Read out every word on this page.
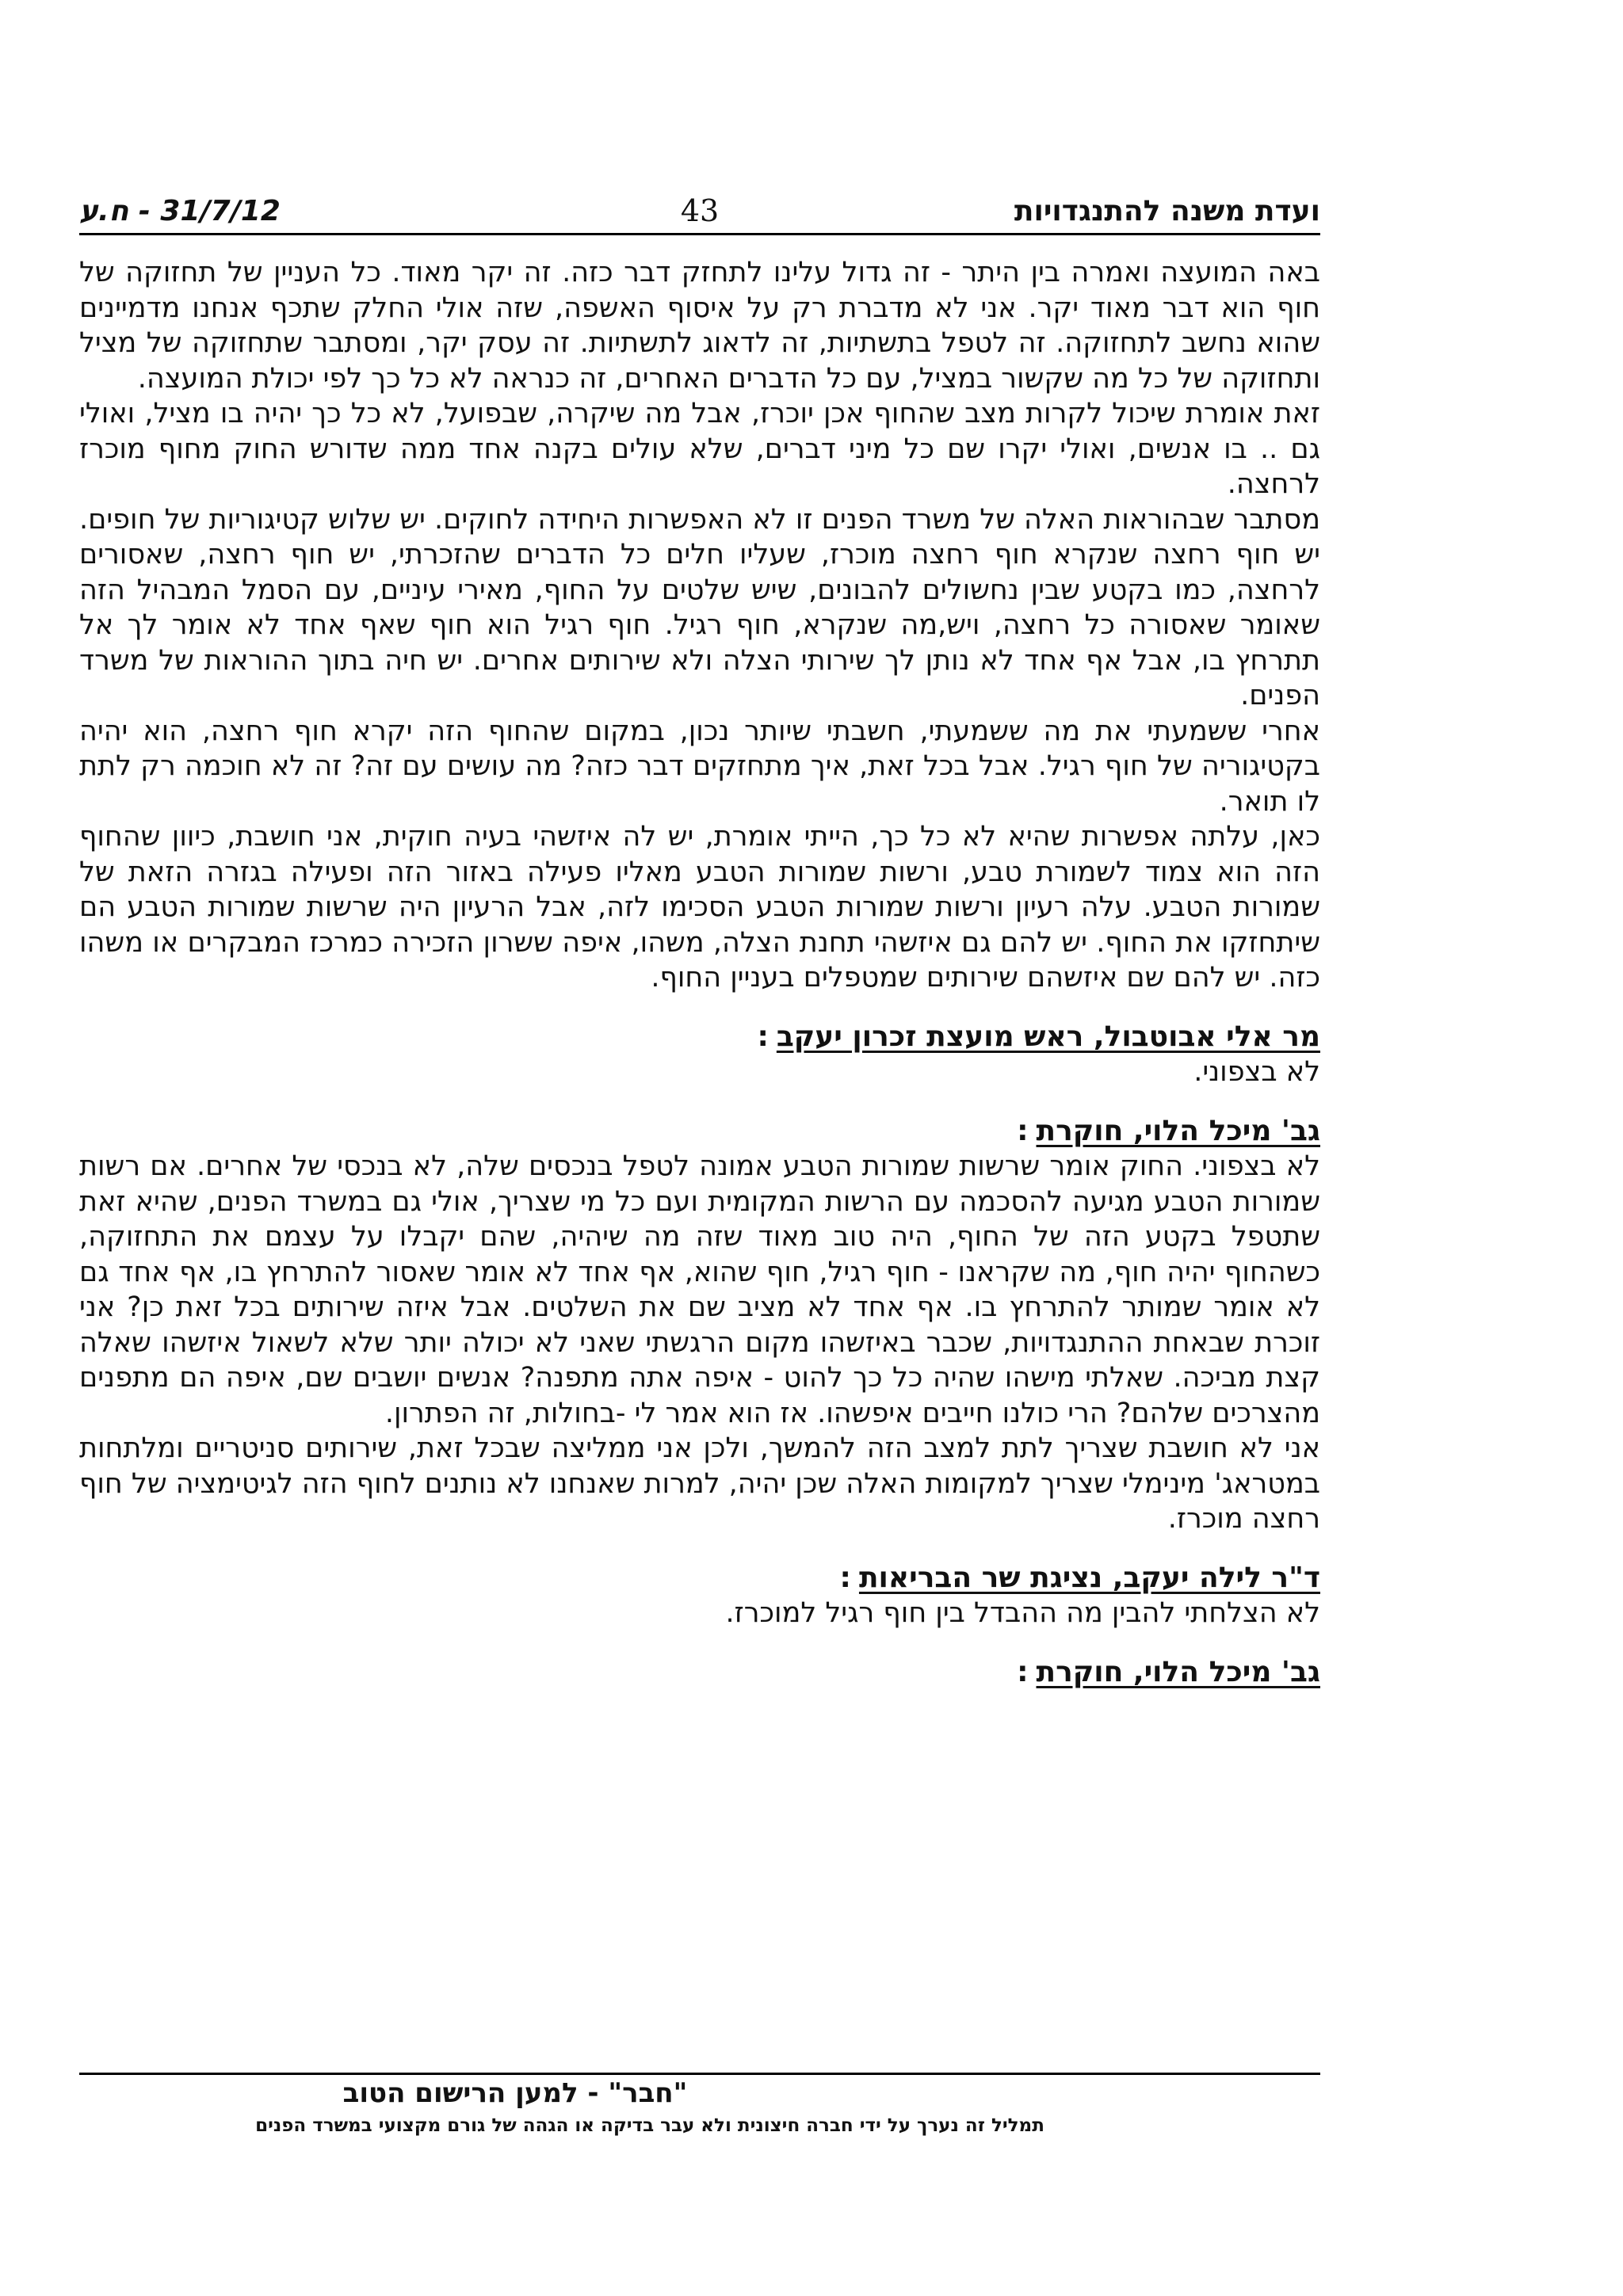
ועדת משנה להתנגדויות
43
31/7/12 - ח.ע

באה המועצה ואמרה בין היתר - זה גדול עלינו לתחזק דבר כזה. זה יקר מאוד. כל העניין של תחזוקה של חוף הוא דבר מאוד יקר. אני לא מדברת רק על איסוף האשפה, שזה אולי החלק שתכף אנחנו מדמיינים שהוא נחשב לתחזוקה. זה לטפל בתשתיות, זה לדאוג לתשתיות. זה עסק יקר, ומסתבר שתחזוקה של מציל ותחזוקה של כל מה שקשור במציל, עם כל הדברים האחרים, זה כנראה לא כל כך לפי יכולת המועצה.

זאת אומרת שיכול לקרות מצב שהחוף אכן יוכרז, אבל מה שיקרה, שבפועל, לא כל כך יהיה בו מציל, ואולי גם .. בו אנשים, ואולי יקרו שם כל מיני דברים, שלא עולים בקנה אחד ממה שדורש החוק מחוף מוכרז לרחצה.

מסתבר שבהוראות האלה של משרד הפנים זו לא האפשרות היחידה לחוקים. יש שלוש קטיגוריות של חופים. יש חוף רחצה שנקרא חוף רחצה מוכרז, שעליו חלים כל הדברים שהזכרתי, יש חוף רחצה, שאסורים לרחצה, כמו בקטע שבין נחשולים להבונים, שיש שלטים על החוף, מאירי עיניים, עם הסמל המבהיל הזה שאומר שאסורה כל רחצה, ויש,מה שנקרא, חוף רגיל. חוף רגיל הוא חוף שאף אחד לא אומר לך אל תתרחץ בו, אבל אף אחד לא נותן לך שירותי הצלה ולא שירותים אחרים. יש חיה בתוך ההוראות של משרד הפנים.

אחרי ששמעתי את מה ששמעתי, חשבתי שיותר נכון, במקום שהחוף הזה יקרא חוף רחצה, הוא יהיה בקטיגוריה של חוף רגיל. אבל בכל זאת, איך מתחזקים דבר כזה? מה עושים עם זה? זה לא חוכמה רק לתת לו תואר.

כאן, עלתה אפשרות שהיא לא כל כך, הייתי אומרת, יש לה איזשהי בעיה חוקית, אני חושבת, כיוון שהחוף הזה הוא צמוד לשמורת טבע, ורשות שמורות הטבע מאליו פעילה באזור הזה ופעילה בגזרה הזאת של שמורות הטבע. עלה רעיון ורשות שמורות הטבע הסכימו לזה, אבל הרעיון היה שרשות שמורות הטבע הם שיתחזקו את החוף. יש להם גם איזשהי תחנת הצלה, משהו, איפה ששרון הזכירה כמרכז המבקרים או משהו כזה. יש להם שם איזשהם שירותים שמטפלים בעניין החוף.

מר אלי אבוטבול, ראש מועצת זכרון יעקב:

לא בצפוני.

גב' מיכל הלוי, חוקרת:

לא בצפוני. החוק אומר שרשות שמורות הטבע אמונה לטפל בנכסים שלה, לא בנכסי של אחרים. אם רשות שמורות הטבע מגיעה להסכמה עם הרשות המקומית ועם כל מי שצריך, אולי גם במשרד הפנים, שהיא זאת שתטפל בקטע הזה של החוף, היה טוב מאוד שזה מה שיהיה, שהם יקבלו על עצמם את התחזוקה, כשהחוף יהיה חוף, מה שקראנו - חוף רגיל, חוף שהוא, אף אחד לא אומר שאסור להתרחץ בו, אף אחד גם לא אומר שמותר להתרחץ בו. אף אחד לא מציב שם את השלטים. אבל איזה שירותים בכל זאת כן? אני זוכרת שבאחת ההתנגדויות, שכבר באיזשהו מקום הרגשתי שאני לא יכולה יותר שלא לשאול איזשהו שאלה קצת מביכה. שאלתי מישהו שהיה כל כך להוט - איפה אתה מתפנה? אנשים יושבים שם, איפה הם מתפנים מהצרכים שלהם? הרי כולנו חייבים איפשהו. אז הוא אמר לי -בחולות, זה הפתרון.

אני לא חושבת שצריך לתת למצב הזה להמשך, ולכן אני ממליצה שבכל זאת, שירותים סניטריים ומלתחות במטראג' מינימלי שצריך למקומות האלה שכן יהיה, למרות שאנחנו לא נותנים לחוף הזה לגיטימציה של חוף רחצה מוכרז.

ד"ר לילה יעקב, נציגת שר הבריאות:

לא הצלחתי להבין מה ההבדל בין חוף רגיל למוכרז.

גב' מיכל הלוי, חוקרת:

"חבר" - למען הרישום הטוב
תמליל זה נערך על ידי חברה חיצונית ולא עבר בדיקה או הגהה של גורם מקצועי במשרד הפנים
